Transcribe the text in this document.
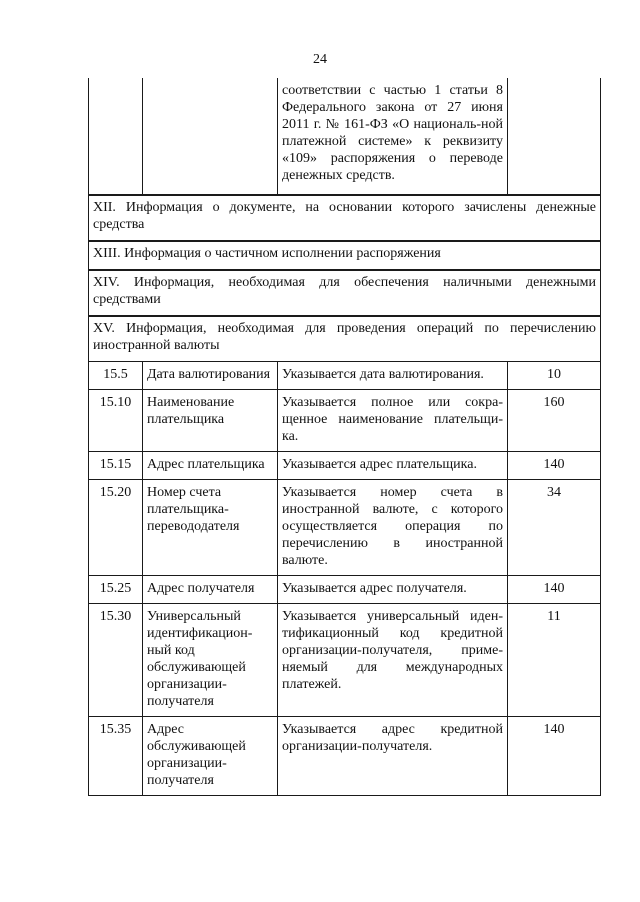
24
		соответствии с частью 1 статьи 8 Федерального закона от 27 июня 2011 г. № 161-ФЗ «О националь-ной платежной системе» к реквизиту «109» распоряжения о переводе денежных средств.	
XII. Информация о документе, на основании которого зачислены денежные средства			
XIII. Информация о частичном исполнении распоряжения			
XIV. Информация, необходимая для обеспечения наличными денежными средствами			
XV. Информация, необходимая для проведения операций по перечислению иностранной валюты			
15.5	Дата валютирования	Указывается дата валютирования.	10
15.10	Наименование плательщика	Указывается полное или сокра-щенное наименование плательщи-ка.	160
15.15	Адрес плательщика	Указывается адрес плательщика.	140
15.20	Номер счета плательщика-перевододателя	Указывается номер счета в иностранной валюте, с которого осуществляется операция по перечислению в иностранной валюте.	34
15.25	Адрес получателя	Указывается адрес получателя.	140
15.30	Универсальный идентификацион-ный код обслуживающей организации-получателя	Указывается универсальный иден-тификационный код кредитной организации-получателя, приме-няемый для международных платежей.	11
15.35	Адрес обслуживающей организации-получателя	Указывается адрес кредитной организации-получателя.	140
